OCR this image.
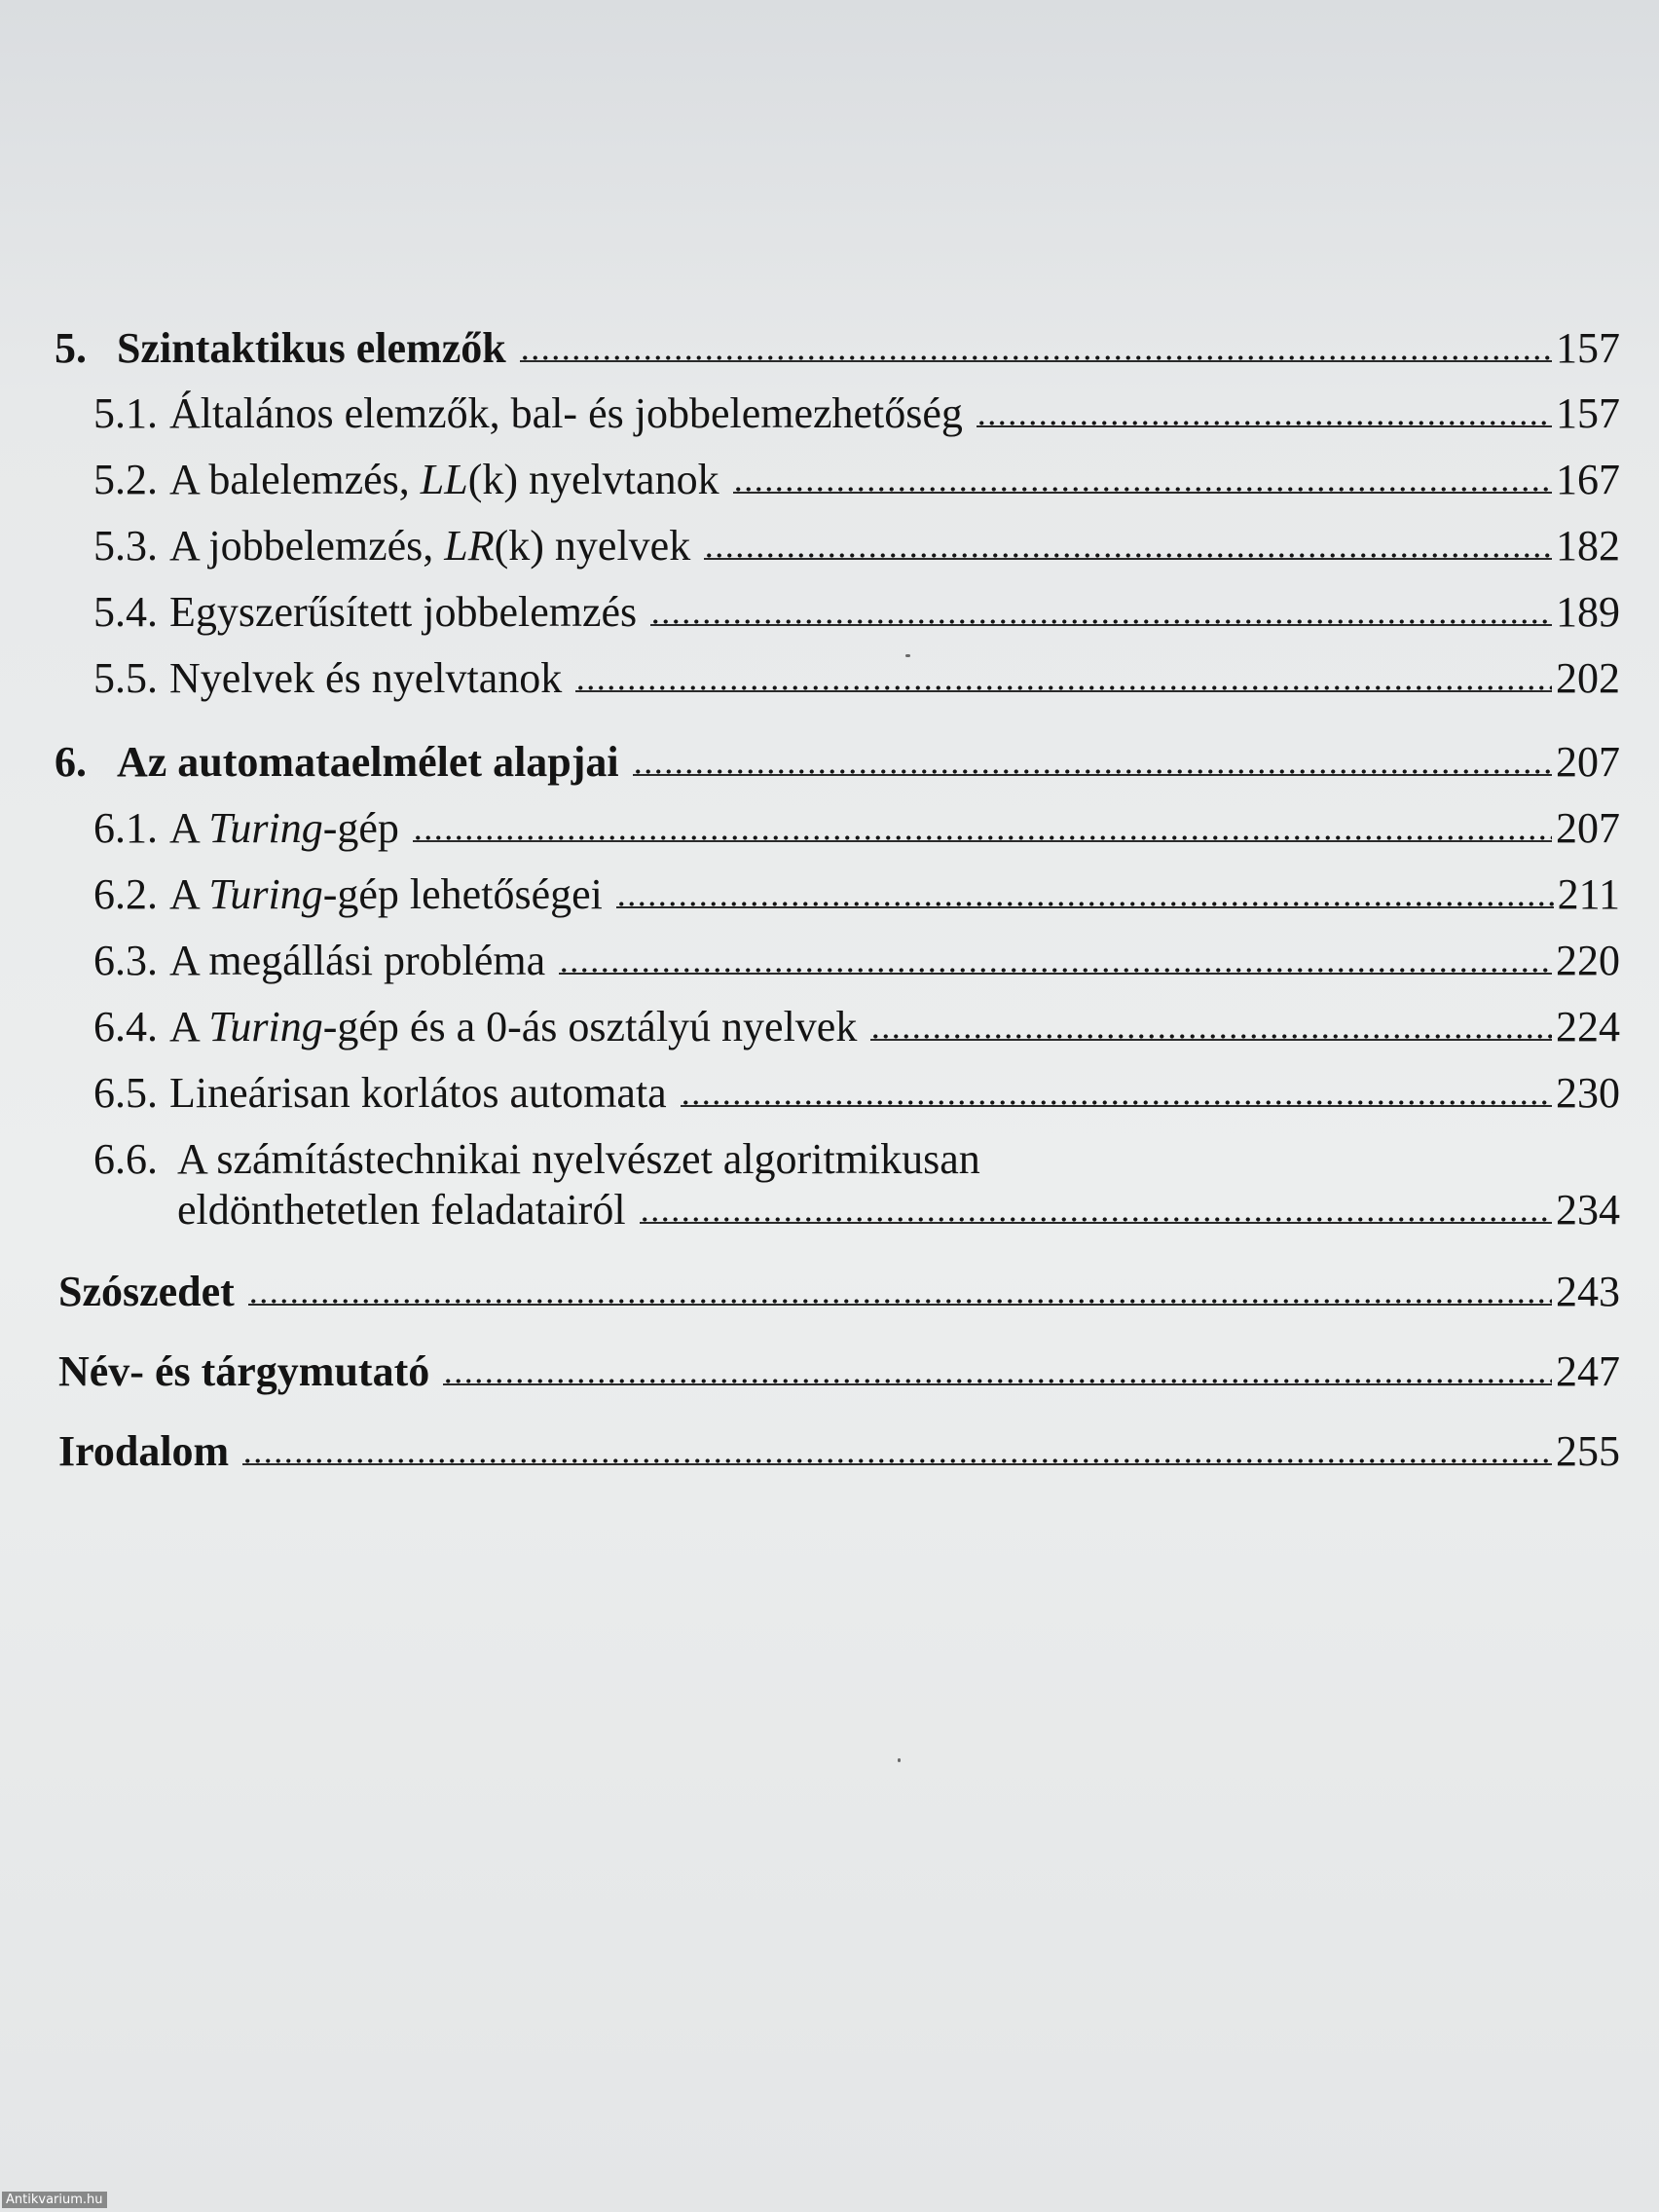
5. Szintaktikus elemzők	157
5.1. Általános elemzők, bal- és jobbelemezhetőség	157
5.2. A balelemzés, LL(k) nyelvtanok	167
5.3. A jobbelemzés, LR(k) nyelvek	182
5.4. Egyszerűsített jobbelemzés	189
5.5. Nyelvek és nyelvtanok	202
6. Az automataelmélet alapjai	207
6.1. A Turing-gép	207
6.2. A Turing-gép lehetőségei	211
6.3. A megállási probléma	220
6.4. A Turing-gép és a 0-ás osztályú nyelvek	224
6.5. Lineárisan korlátos automata	230
6.6. A számítástechnikai nyelvészet algoritmikusan
eldönthetetlen feladatairól	234
Szószedet	243
Név- és tárgymutató	247
Irodalom	255
Antikvarium.hu
